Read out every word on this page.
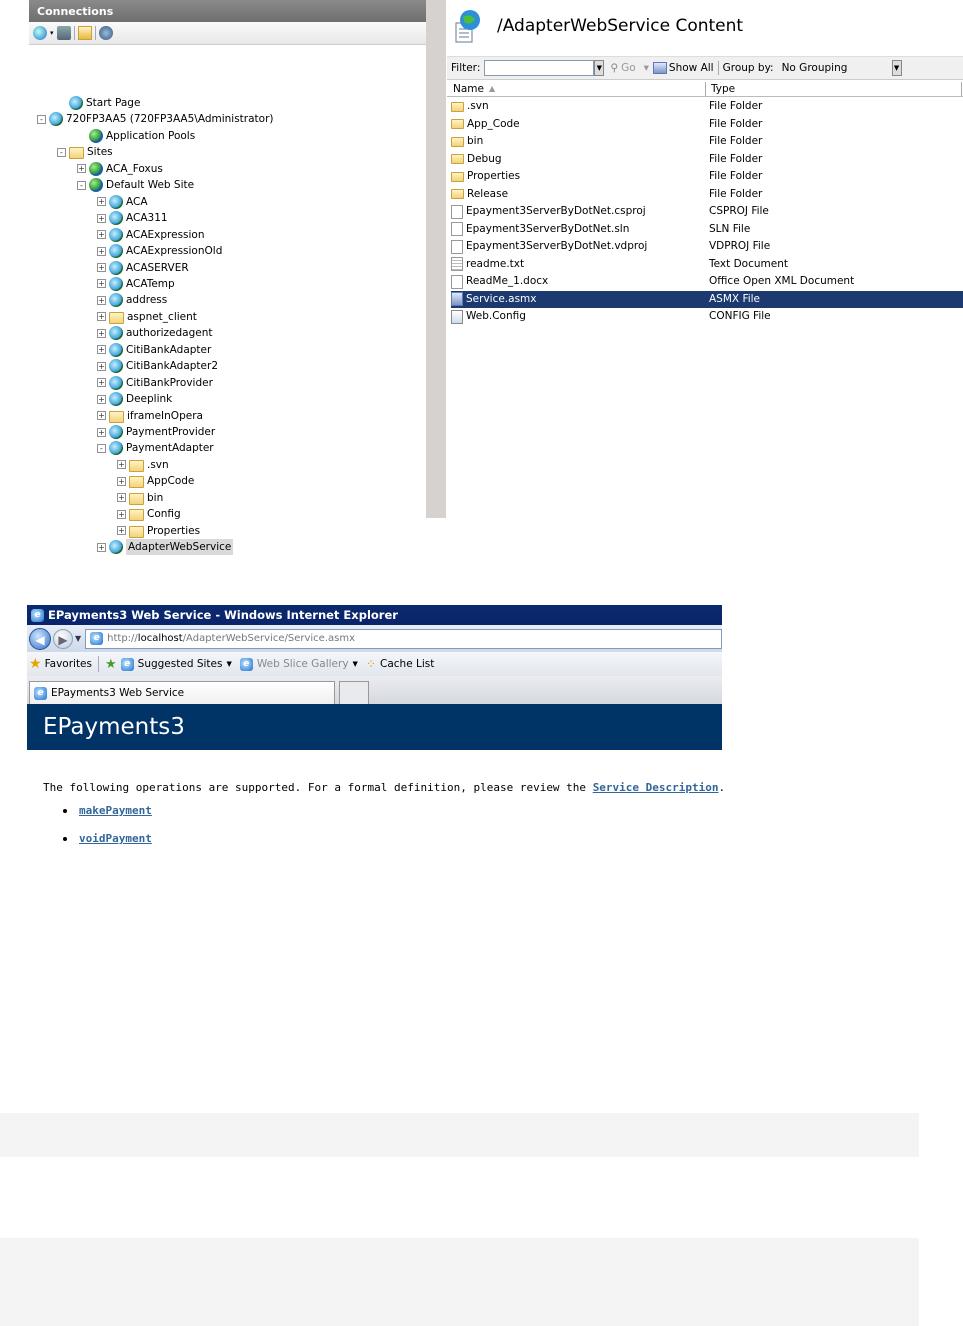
Connections
▾
Start Page
- 720FP3AA5 (720FP3AA5\Administrator)
Application Pools
- Sites
+ ACA_Foxus
- Default Web Site
+ ACA
+ ACA311
+ ACAExpression
+ ACAExpressionOld
+ ACASERVER
+ ACATemp
+ address
+ aspnet_client
+ authorizedagent
+ CitiBankAdapter
+ CitiBankAdapter2
+ CitiBankProvider
+ Deeplink
+ iframeInOpera
+ PaymentProvider
- PaymentAdapter
+ .svn
+ AppCode
+ bin
+ Config
+ Properties
+ AdapterWebService
/AdapterWebService Content
Filter:	▼ ⚲ Go ▾ Show All Group by: No Grouping	▼
Name ▲	Type
.svn	File Folder
App_Code	File Folder
bin	File Folder
Debug	File Folder
Properties	File Folder
Release	File Folder
Epayment3ServerByDotNet.csproj	CSPROJ File
Epayment3ServerByDotNet.sln	SLN File
Epayment3ServerByDotNet.vdproj	VDPROJ File
readme.txt	Text Document
ReadMe_1.docx	Office Open XML Document
Service.asmx	ASMX File
Web.Config	CONFIG File
e EPayments3 Web Service - Windows Internet Explorer
◀	▶ ▼	e http:// localhost /AdapterWebService/Service.asmx
★ Favorites ★ e Suggested Sites ▼	e Web Slice Gallery ▼ ⁘ Cache List
e EPayments3 Web Service
EPayments3

The following operations are supported. For a formal definition, please review the Service Description.

makePayment
voidPayment
